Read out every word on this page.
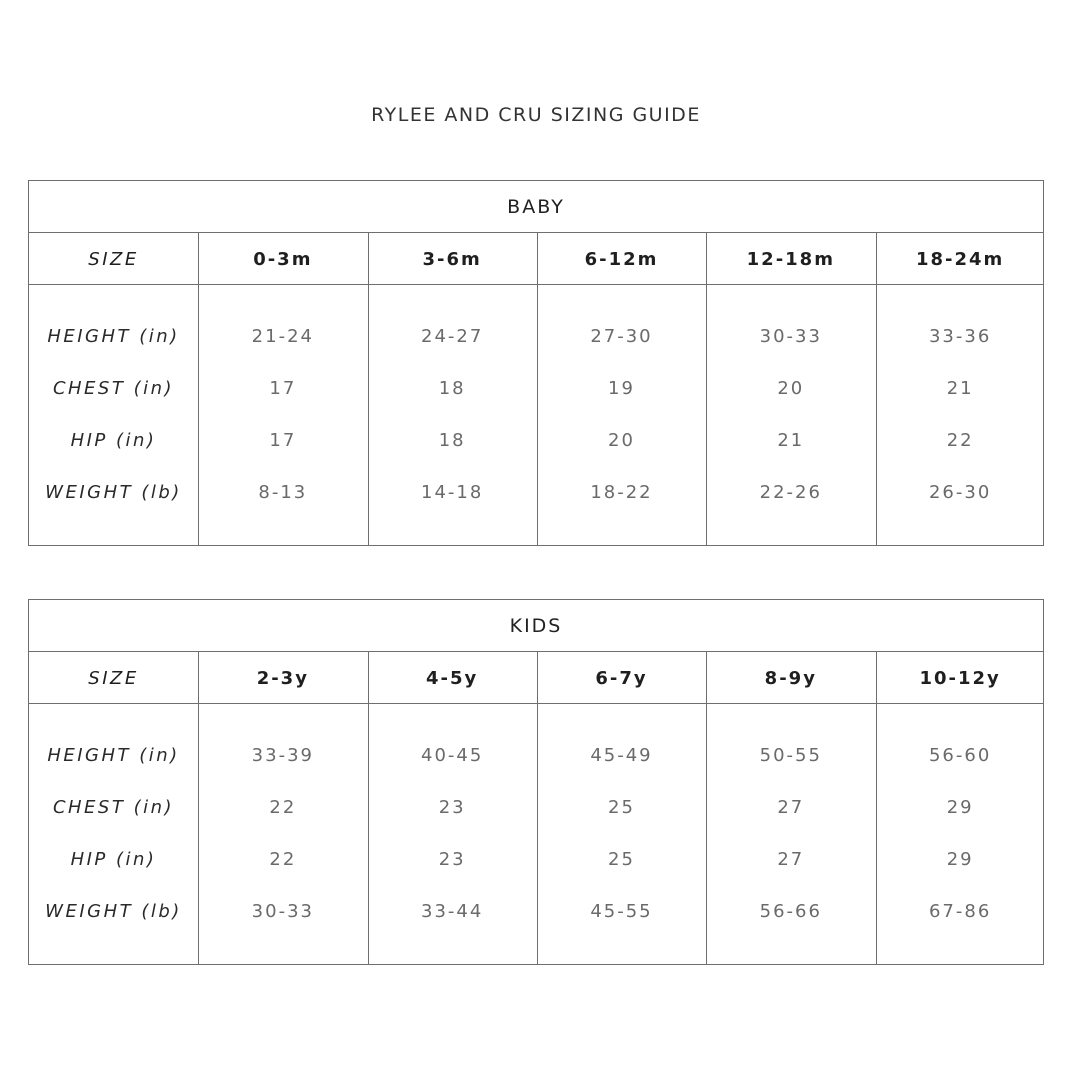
RYLEE AND CRU SIZING GUIDE
BABY
SIZE	0-3m	3-6m	6-12m	12-18m	18-24m
HEIGHT (in)	21-24	24-27	27-30	30-33	33-36
CHEST (in)	17	18	19	20	21
HIP (in)	17	18	20	21	22
WEIGHT (lb)	8-13	14-18	18-22	22-26	26-30
KIDS
SIZE	2-3y	4-5y	6-7y	8-9y	10-12y
HEIGHT (in)	33-39	40-45	45-49	50-55	56-60
CHEST (in)	22	23	25	27	29
HIP (in)	22	23	25	27	29
WEIGHT (lb)	30-33	33-44	45-55	56-66	67-86
